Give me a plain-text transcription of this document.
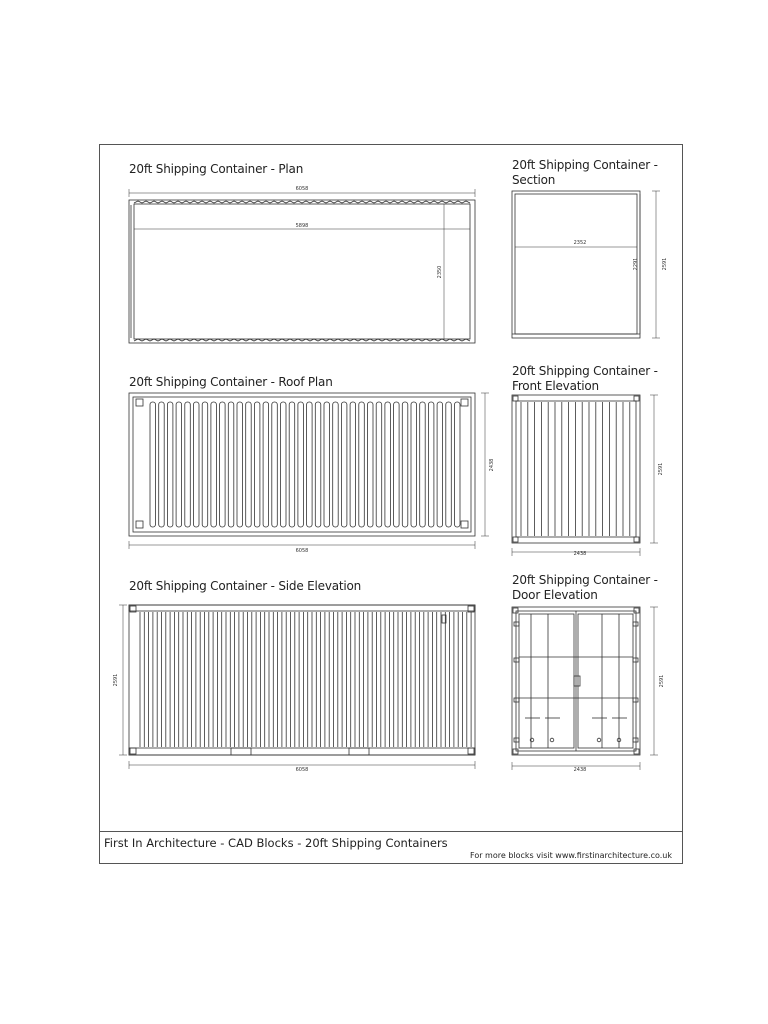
6058
5898
2350
2352
2291	2591
6058
2438
2438
2591
6058
2591
2438
2591
20ft Shipping Container - Plan	20ft Shipping Container -
Section
20ft Shipping Container - Roof Plan
20ft Shipping Container -
Front Elevation
20ft Shipping Container - Side Elevation	20ft Shipping Container -
Door Elevation
First In Architecture - CAD Blocks - 20ft Shipping Containers
For more blocks visit www.firstinarchitecture.co.uk
